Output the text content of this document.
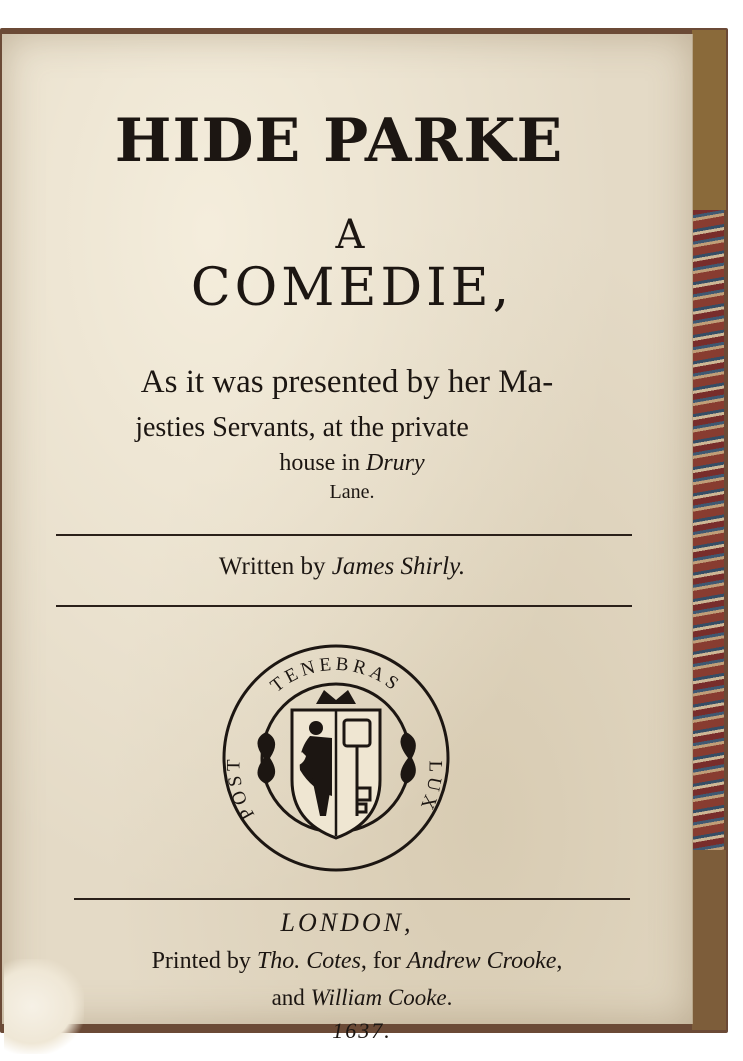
HIDE PARKE

A

COMEDIE,

As it was presented by her Ma-

jesties Servants, at the private

house in Drury

Lane.

Written by James Shirly.

TENEBRAS
POST	LUX

LONDON,

Printed by Tho. Cotes, for Andrew Crooke,

and William Cooke.

1637.
